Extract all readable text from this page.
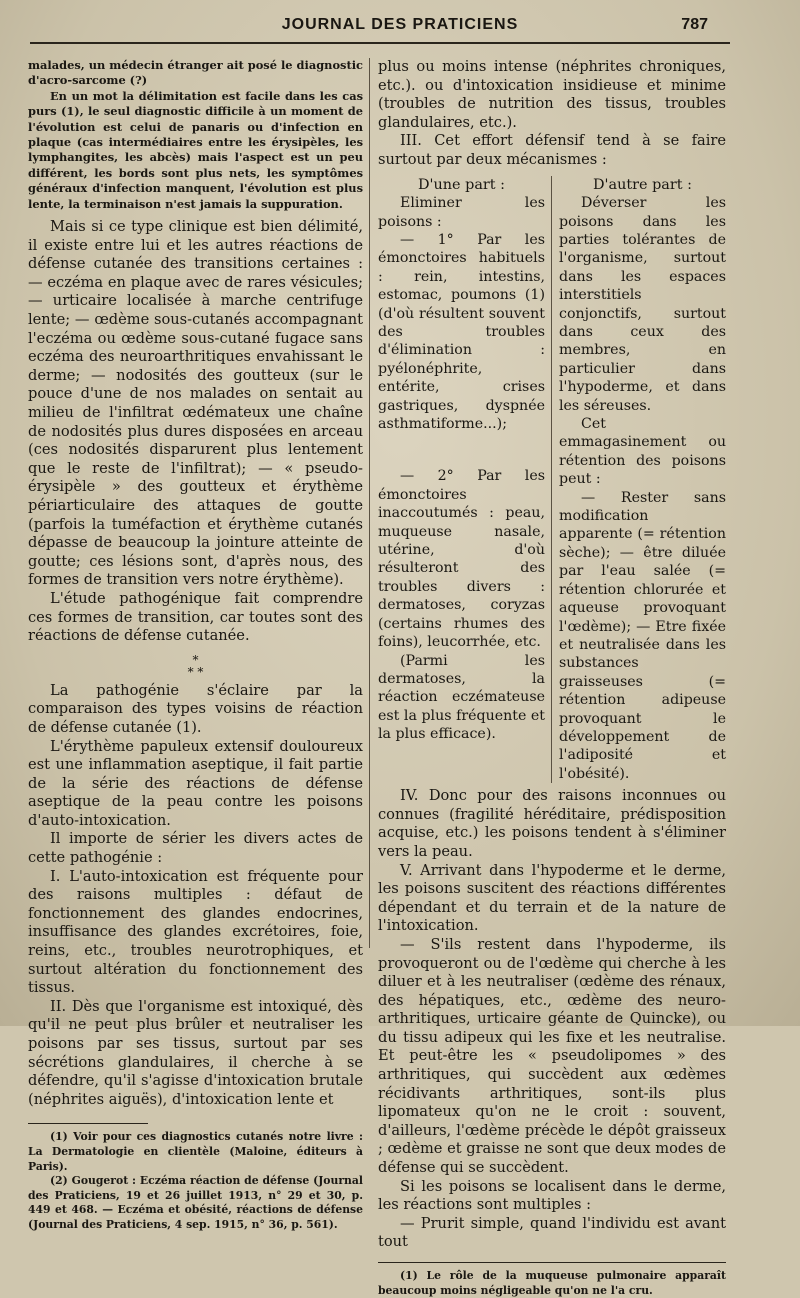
JOURNAL DES PRATICIENS	787

malades, un médecin étranger ait posé le diagnostic d'acro-sarcome (?)

En un mot la délimitation est facile dans les cas purs (1), le seul diagnostic difficile à un moment de l'évolution est celui de panaris ou d'infection en plaque (cas intermédiaires entre les érysipèles, les lymphangites, les abcès) mais l'aspect est un peu différent, les bords sont plus nets, les symptômes généraux d'infection manquent, l'évolution est plus lente, la terminaison n'est jamais la suppuration.

Mais si ce type clinique est bien délimité, il existe entre lui et les autres réactions de défense cutanée des transitions certaines : — eczéma en plaque avec de rares vésicules; — urticaire localisée à marche centrifuge lente; — œdème sous-cutanés accompagnant l'eczéma ou œdème sous-cutané fugace sans eczéma des neuroarthritiques envahissant le derme; — nodosités des goutteux (sur le pouce d'une de nos malades on sentait au milieu de l'infiltrat œdémateux une chaîne de nodosités plus dures disposées en arceau (ces nodosités disparurent plus lentement que le reste de l'infiltrat); — « pseudo-érysipèle » des goutteux et érythème périarticulaire des attaques de goutte (parfois la tuméfaction et érythème cutanés dépasse de beaucoup la jointure atteinte de goutte; ces lésions sont, d'après nous, des formes de transition vers notre érythème).

L'étude pathogénique fait comprendre ces formes de transition, car toutes sont des réactions de défense cutanée.

*
* *

La pathogénie s'éclaire par la comparaison des types voisins de réaction de défense cutanée (1).

L'érythème papuleux extensif douloureux est une inflammation aseptique, il fait partie de la série des réactions de défense aseptique de la peau contre les poisons d'auto-intoxication.

Il importe de sérier les divers actes de cette pathogénie :

I. L'auto-intoxication est fréquente pour des raisons multiples : défaut de fonctionnement des glandes endocrines, insuffisance des glandes excrétoires, foie, reins, etc., troubles neurotrophiques, et surtout altération du fonctionnement des tissus.

II. Dès que l'organisme est intoxiqué, dès qu'il ne peut plus brûler et neutraliser les poisons par ses tissus, surtout par ses sécrétions glandulaires, il cherche à se défendre, qu'il s'agisse d'intoxication brutale (néphrites aiguës), d'intoxication lente et

(1) Voir pour ces diagnostics cutanés notre livre : La Dermatologie en clientèle (Maloine, éditeurs à Paris).

(2) Gougerot : Eczéma réaction de défense (Journal des Praticiens, 19 et 26 juillet 1913, n° 29 et 30, p. 449 et 468. — Eczéma et obésité, réactions de défense (Journal des Praticiens, 4 sep. 1915, n° 36, p. 561).

plus ou moins intense (néphrites chroniques, etc.). ou d'intoxication insidieuse et minime (troubles de nutrition des tissus, troubles glandulaires, etc.).

III. Cet effort défensif tend à se faire surtout par deux mécanismes :

D'une part :

Eliminer les poisons :

— 1° Par les émonctoires habituels : rein, intestins, estomac, poumons (1) (d'où résultent souvent des troubles d'élimination : pyélonéphrite, entérite, crises gastriques, dyspnée asthmatiforme...);

— 2° Par les émonctoires inaccoutumés : peau, muqueuse nasale, utérine, d'où résulteront des troubles divers : dermatoses, coryzas (certains rhumes des foins), leucorrhée, etc.

(Parmi les dermatoses, la réaction eczémateuse est la plus fréquente et la plus efficace).

D'autre part :

Déverser les poisons dans les parties tolérantes de l'organisme, surtout dans les espaces interstitiels conjonctifs, surtout dans ceux des membres, en particulier dans l'hypoderme, et dans les séreuses.

Cet emmagasinement ou rétention des poisons peut :

— Rester sans modification apparente (= rétention sèche); — être diluée par l'eau salée (= rétention chlorurée et aqueuse provoquant l'œdème); — Etre fixée et neutralisée dans les substances graisseuses (= rétention adipeuse provoquant le développement de l'adiposité et l'obésité).

IV. Donc pour des raisons inconnues ou connues (fragilité héréditaire, prédisposition acquise, etc.) les poisons tendent à s'éliminer vers la peau.

V. Arrivant dans l'hypoderme et le derme, les poisons suscitent des réactions différentes dépendant et du terrain et de la nature de l'intoxication.

— S'ils restent dans l'hypoderme, ils provoqueront ou de l'œdème qui cherche à les diluer et à les neutraliser (œdème des rénaux, des hépatiques, etc., œdème des neuro-arthritiques, urticaire géante de Quincke), ou du tissu adipeux qui les fixe et les neutralise. Et peut-être les « pseudolipomes » des arthritiques, qui succèdent aux œdèmes récidivants arthritiques, sont-ils plus lipomateux qu'on ne le croit : souvent, d'ailleurs, l'œdème précède le dépôt graisseux ; œdème et graisse ne sont que deux modes de défense qui se succèdent.

Si les poisons se localisent dans le derme, les réactions sont multiples :

— Prurit simple, quand l'individu est avant tout

(1) Le rôle de la muqueuse pulmonaire apparaît beaucoup moins négligeable qu'on ne l'a cru.
